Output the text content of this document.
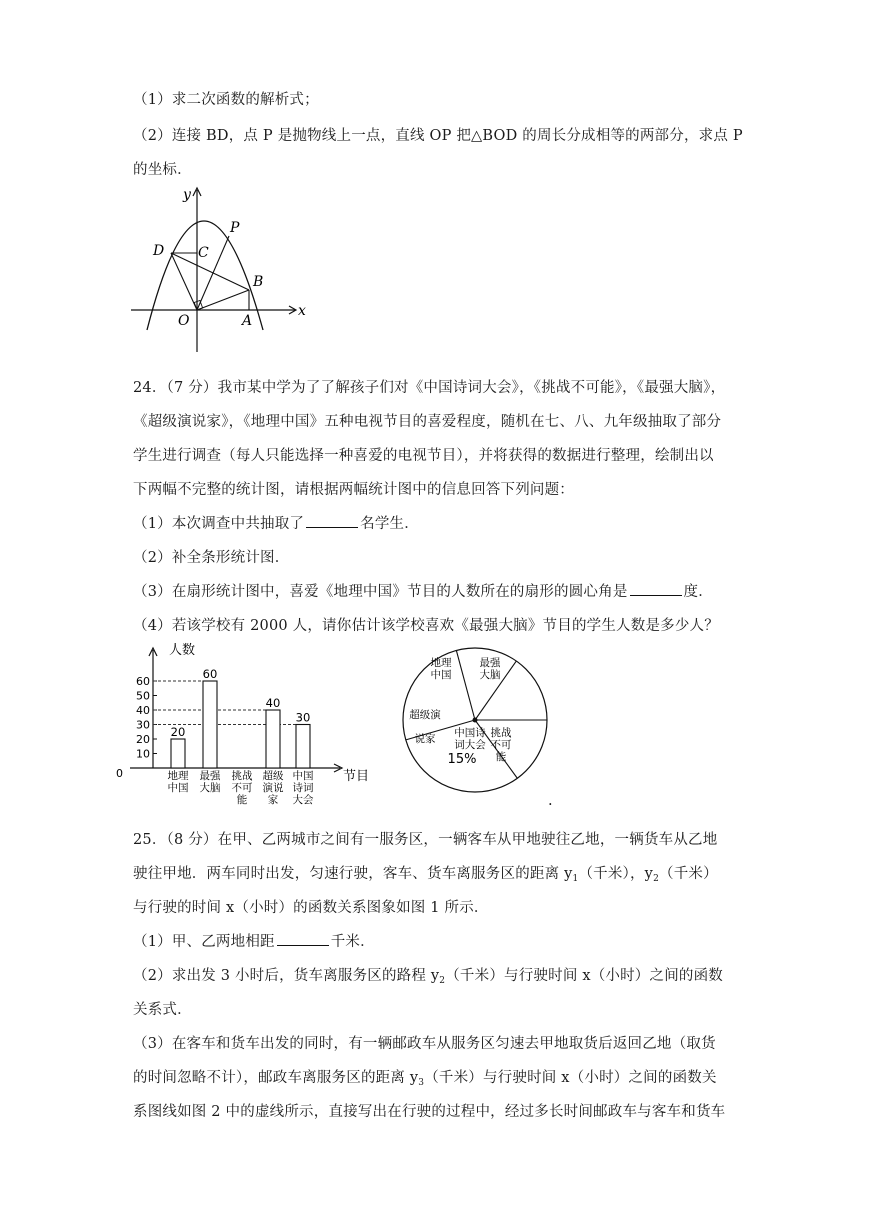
（1）求二次函数的解析式；
（2）连接 BD，点 P 是抛物线上一点，直线 OP 把△BOD 的周长分成相等的两部分，求点 P
的坐标．
y
x
D C
P
B
O	A
24．（7 分）我市某中学为了了解孩子们对《中国诗词大会》，《挑战不可能》，《最强大脑》，
《超级演说家》，《地理中国》五种电视节目的喜爱程度，随机在七、八、九年级抽取了部分
学生进行调查（每人只能选择一种喜爱的电视节目），并将获得的数据进行整理，绘制出以
下两幅不完整的统计图，请根据两幅统计图中的信息回答下列问题：
（1）本次调查中共抽取了	名学生．
（2）补全条形统计图．
（3）在扇形统计图中，喜爱《地理中国》节目的人数所在的扇形的圆心角是	度．
（4）若该学校有 2000 人，请你估计该学校喜欢《最强大脑》节目的学生人数是多少人？
人数
节目
0
10
20
30
40
50
60
20
地理
中国
60
最强
大脑
挑战
不可
能
40
超级
演说
家
30
中国
诗词
大会
地理
中国
最强
大脑
挑战
不可
能
中国诗
词大会
15%
超级演
说家
.
25．（8 分）在甲、乙两城市之间有一服务区，一辆客车从甲地驶往乙地，一辆货车从乙地
驶往甲地．两车同时出发，匀速行驶，客车、货车离服务区的距离 $y_1$（千米），$y_2$（千米）
与行驶的时间 x（小时）的函数关系图象如图 1 所示．
（1）甲、乙两地相距	千米．
（2）求出发 3 小时后，货车离服务区的路程 $y_2$（千米）与行驶时间 x（小时）之间的函数
关系式．
（3）在客车和货车出发的同时，有一辆邮政车从服务区匀速去甲地取货后返回乙地（取货
的时间忽略不计），邮政车离服务区的距离 $y_3$（千米）与行驶时间 x（小时）之间的函数关
系图线如图 2 中的虚线所示，直接写出在行驶的过程中，经过多长时间邮政车与客车和货车
